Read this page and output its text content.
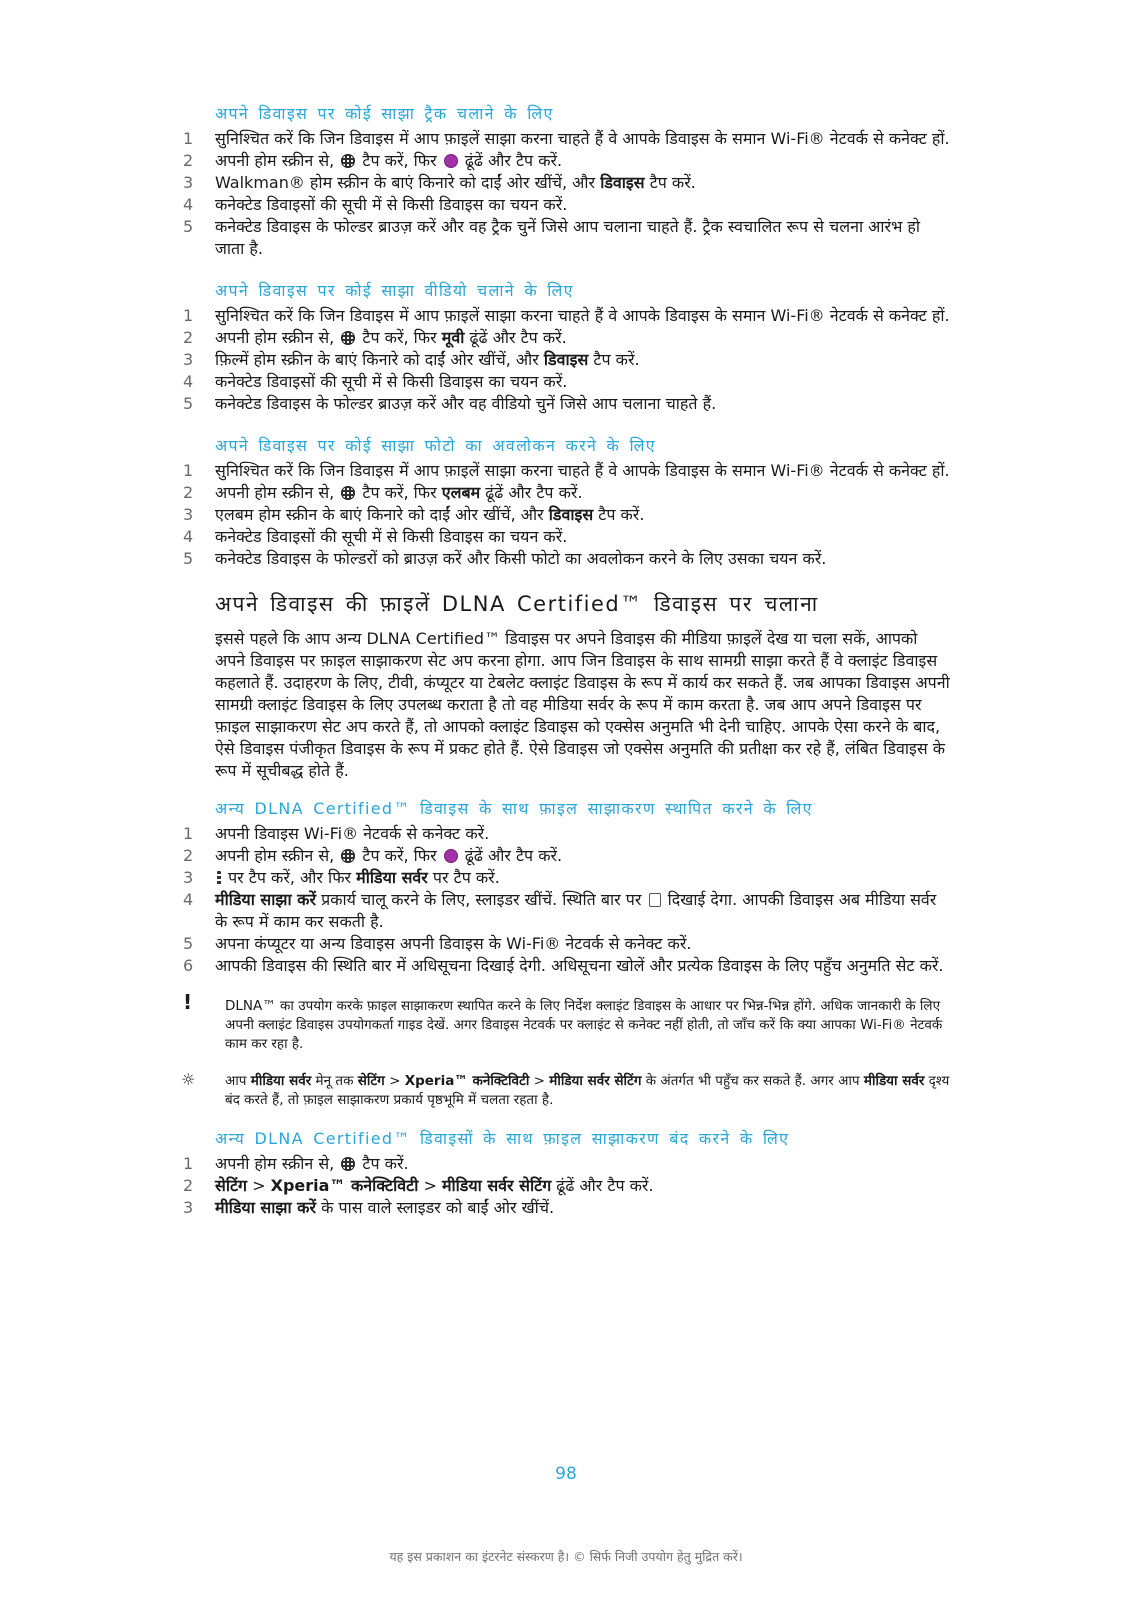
अपने डिवाइस पर कोई साझा ट्रैक चलाने के लिए
1	सुनिश्चित करें कि जिन डिवाइस में आप फ़ाइलें साझा करना चाहते हैं वे आपके डिवाइस के समान Wi-Fi® नेटवर्क से कनेक्ट हों.
2	अपनी होम स्क्रीन से,  टैप करें, फिर  ढूंढें और टैप करें.
3	Walkman® होम स्क्रीन के बाएं किनारे को दाईं ओर खींचें, और डिवाइस टैप करें.
4	कनेक्टेड डिवाइसों की सूची में से किसी डिवाइस का चयन करें.
5	कनेक्टेड डिवाइस के फोल्डर ब्राउज़ करें और वह ट्रैक चुनें जिसे आप चलाना चाहते हैं. ट्रैक स्वचालित रूप से चलना आरंभ हो जाता है.
अपने डिवाइस पर कोई साझा वीडियो चलाने के लिए
1	सुनिश्चित करें कि जिन डिवाइस में आप फ़ाइलें साझा करना चाहते हैं वे आपके डिवाइस के समान Wi-Fi® नेटवर्क से कनेक्ट हों.
2	अपनी होम स्क्रीन से,  टैप करें, फिर मूवी ढूंढें और टैप करें.
3	फ़िल्में होम स्क्रीन के बाएं किनारे को दाईं ओर खींचें, और डिवाइस टैप करें.
4	कनेक्टेड डिवाइसों की सूची में से किसी डिवाइस का चयन करें.
5	कनेक्टेड डिवाइस के फोल्डर ब्राउज़ करें और वह वीडियो चुनें जिसे आप चलाना चाहते हैं.
अपने डिवाइस पर कोई साझा फोटो का अवलोकन करने के लिए
1	सुनिश्चित करें कि जिन डिवाइस में आप फ़ाइलें साझा करना चाहते हैं वे आपके डिवाइस के समान Wi-Fi® नेटवर्क से कनेक्ट हों.
2	अपनी होम स्क्रीन से,  टैप करें, फिर एलबम ढूंढें और टैप करें.
3	एलबम होम स्क्रीन के बाएं किनारे को दाईं ओर खींचें, और डिवाइस टैप करें.
4	कनेक्टेड डिवाइसों की सूची में से किसी डिवाइस का चयन करें.
5	कनेक्टेड डिवाइस के फोल्डरों को ब्राउज़ करें और किसी फोटो का अवलोकन करने के लिए उसका चयन करें.
अपने डिवाइस की फ़ाइलें DLNA Certified™ डिवाइस पर चलाना
इससे पहले कि आप अन्य DLNA Certified™ डिवाइस पर अपने डिवाइस की मीडिया फ़ाइलें देख या चला सकें, आपको अपने डिवाइस पर फ़ाइल साझाकरण सेट अप करना होगा. आप जिन डिवाइस के साथ सामग्री साझा करते हैं वे क्लाइंट डिवाइस कहलाते हैं. उदाहरण के लिए, टीवी, कंप्यूटर या टेबलेट क्लाइंट डिवाइस के रूप में कार्य कर सकते हैं. जब आपका डिवाइस अपनी सामग्री क्लाइंट डिवाइस के लिए उपलब्ध कराता है तो वह मीडिया सर्वर के रूप में काम करता है. जब आप अपने डिवाइस पर फ़ाइल साझाकरण सेट अप करते हैं, तो आपको क्लाइंट डिवाइस को एक्सेस अनुमति भी देनी चाहिए. आपके ऐसा करने के बाद, ऐसे डिवाइस पंजीकृत डिवाइस के रूप में प्रकट होते हैं. ऐसे डिवाइस जो एक्सेस अनुमति की प्रतीक्षा कर रहे हैं, लंबित डिवाइस के रूप में सूचीबद्ध होते हैं.
अन्य DLNA Certified™ डिवाइस के साथ फ़ाइल साझाकरण स्थापित करने के लिए
1	अपनी डिवाइस Wi-Fi® नेटवर्क से कनेक्ट करें.
2	अपनी होम स्क्रीन से,  टैप करें, फिर  ढूंढें और टैप करें.
3	पर टैप करें, और फिर मीडिया सर्वर पर टैप करें.
4	मीडिया साझा करें प्रकार्य चालू करने के लिए, स्लाइडर खींचें. स्थिति बार पर  दिखाई देगा. आपकी डिवाइस अब मीडिया सर्वर के रूप में काम कर सकती है.
5	अपना कंप्यूटर या अन्य डिवाइस अपनी डिवाइस के Wi-Fi® नेटवर्क से कनेक्ट करें.
6	आपकी डिवाइस की स्थिति बार में अधिसूचना दिखाई देगी. अधिसूचना खोलें और प्रत्येक डिवाइस के लिए पहुँच अनुमति सेट करें.
! DLNA™ का उपयोग करके फ़ाइल साझाकरण स्थापित करने के लिए निर्देश क्लाइंट डिवाइस के आधार पर भिन्न-भिन्न होंगे. अधिक जानकारी के लिए अपनी क्लाइंट डिवाइस उपयोगकर्ता गाइड देखें. अगर डिवाइस नेटवर्क पर क्लाइंट से कनेक्ट नहीं होती, तो जाँच करें कि क्या आपका Wi-Fi® नेटवर्क काम कर रहा है.
☼ आप मीडिया सर्वर मेनू तक सेटिंग > Xperia™ कनेक्टिविटी > मीडिया सर्वर सेटिंग के अंतर्गत भी पहुँच कर सकते हैं. अगर आप मीडिया सर्वर दृश्य बंद करते हैं, तो फ़ाइल साझाकरण प्रकार्य पृष्ठभूमि में चलता रहता है.
अन्य DLNA Certified™ डिवाइसों के साथ फ़ाइल साझाकरण बंद करने के लिए
1	अपनी होम स्क्रीन से,  टैप करें.
2	सेटिंग > Xperia™ कनेक्टिविटी > मीडिया सर्वर सेटिंग ढूंढें और टैप करें.
3	मीडिया साझा करें के पास वाले स्लाइडर को बाईं ओर खींचें.
98
यह इस प्रकाशन का इंटरनेट संस्करण है। © सिर्फ निजी उपयोग हेतु मुद्रित करें।
